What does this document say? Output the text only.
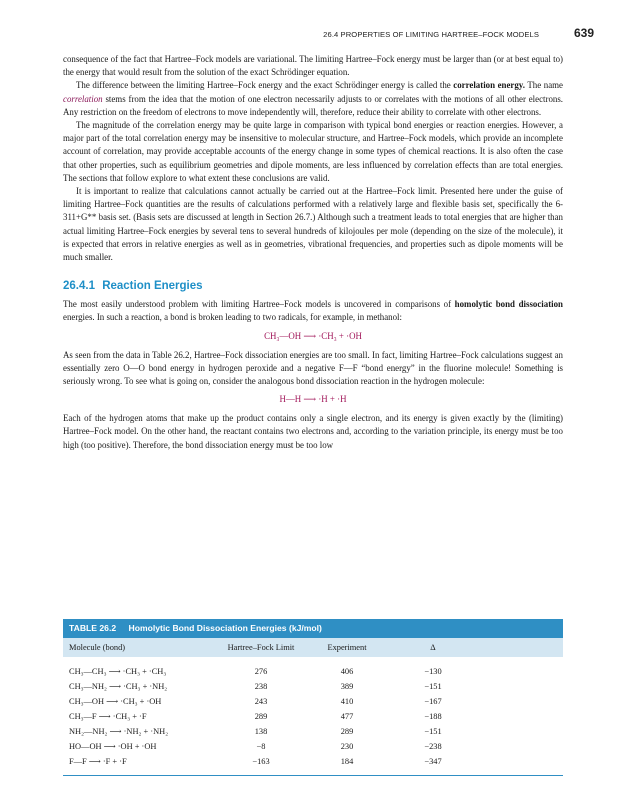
26.4 PROPERTIES OF LIMITING HARTREE–FOCK MODELS	639

consequence of the fact that Hartree–Fock models are variational. The limiting Hartree–Fock energy must be larger than (or at best equal to) the energy that would result from the solution of the exact Schrödinger equation.

The difference between the limiting Hartree–Fock energy and the exact Schrödinger energy is called the correlation energy. The name correlation stems from the idea that the motion of one electron necessarily adjusts to or correlates with the motions of all other electrons. Any restriction on the freedom of electrons to move independently will, therefore, reduce their ability to correlate with other electrons.

The magnitude of the correlation energy may be quite large in comparison with typical bond energies or reaction energies. However, a major part of the total correlation energy may be insensitive to molecular structure, and Hartree–Fock models, which provide an incomplete account of correlation, may provide acceptable accounts of the energy change in some types of chemical reactions. It is also often the case that other properties, such as equilibrium geometries and dipole moments, are less influenced by correlation effects than are total energies. The sections that follow explore to what extent these conclusions are valid.

It is important to realize that calculations cannot actually be carried out at the Hartree–Fock limit. Presented here under the guise of limiting Hartree–Fock quantities are the results of calculations performed with a relatively large and flexible basis set, specifically the 6-311+G** basis set. (Basis sets are discussed at length in Section 26.7.) Although such a treatment leads to total energies that are higher than actual limiting Hartree–Fock energies by several tens to several hundreds of kilojoules per mole (depending on the size of the molecule), it is expected that errors in relative energies as well as in geometries, vibrational frequencies, and properties such as dipole moments will be much smaller.

26.4.1 Reaction Energies

The most easily understood problem with limiting Hartree–Fock models is uncovered in comparisons of homolytic bond dissociation energies. In such a reaction, a bond is broken leading to two radicals, for example, in methanol:

CH₃—OH ⟶ ·CH₃ + ·OH

As seen from the data in Table 26.2, Hartree–Fock dissociation energies are too small. In fact, limiting Hartree–Fock calculations suggest an essentially zero O—O bond energy in hydrogen peroxide and a negative F—F “bond energy” in the fluorine molecule! Something is seriously wrong. To see what is going on, consider the analogous bond dissociation reaction in the hydrogen molecule:

H—H ⟶ ·H + ·H

Each of the hydrogen atoms that make up the product contains only a single electron, and its energy is given exactly by the (limiting) Hartree–Fock model. On the other hand, the reactant contains two electrons and, according to the variation principle, its energy must be too high (too positive). Therefore, the bond dissociation energy must be too low

TABLE 26.2 Homolytic Bond Dissociation Energies (kJ/mol)
Molecule (bond)	Hartree–Fock Limit	Experiment	Δ
CH₃—CH₃ ⟶ ·CH₃ + ·CH₃	276	406	−130
CH₃—NH₂ ⟶ ·CH₃ + ·NH₂	238	389	−151
CH₃—OH ⟶ ·CH₃ + ·OH	243	410	−167
CH₃—F ⟶ ·CH₃ + ·F	289	477	−188
NH₂—NH₂ ⟶ ·NH₂ + ·NH₂	138	289	−151
HO—OH ⟶ ·OH + ·OH	−8	230	−238
F—F ⟶ ·F + ·F	−163	184	−347
